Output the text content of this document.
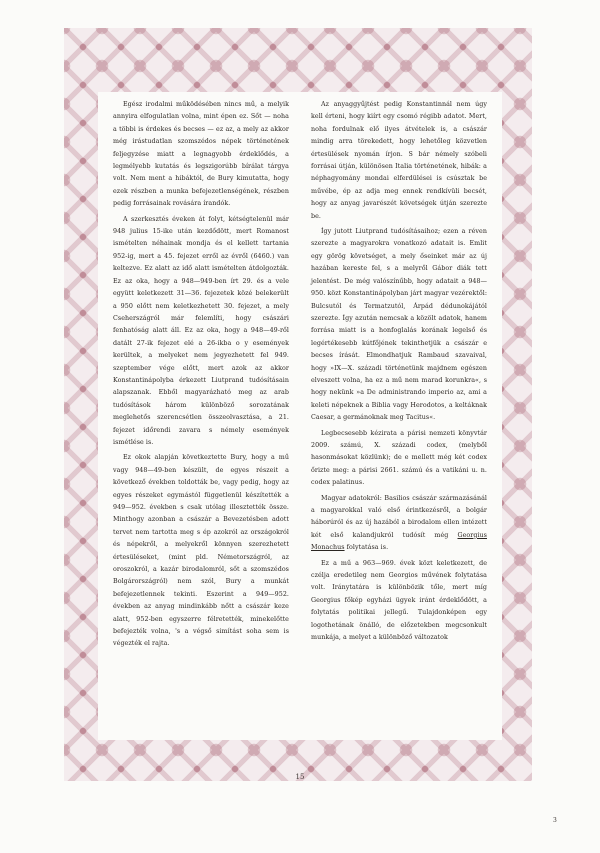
Egész irodalmi működésében nincs mű, a melyik annyira elfogulatlan volna, mint épen ez. Sőt — noha a többi is érdekes és becses — ez az, a mely az akkor még irástudatlan szomszédos népek történetének feljegyzése miatt a legnagyobb érdeklődés, a legmélyebb kutatás és legszigorúbb bírálat tárgya volt. Nem ment a hibáktól, de Bury kimutatta, hogy ezek részben a munka befejezetlenségének, részben pedig forrásainak rovására írandók.

A szerkesztés éveken át folyt, kétségtelenül már 948 julius 15-ike után kezdődött, mert Romanost ismételten néhainak mondja és el kellett tartania 952-ig, mert a 45. fejezet erről az évről (6460.) van keltezve. Ez alatt az idő alatt ismételten átdolgozták. Ez az oka, hogy a 948—949-ben írt 29. és a vele együtt keletkezett 31—36. fejezetek közé belekerült a 950 előtt nem keletkezhetett 30. fejezet, a mely Cseherszágról már felemlíti, hogy császári fenhatóság alatt áll. Ez az oka, hogy a 948—49-ről datált 27-ik fejezet elé a 26-ikba o y események kerültek, a melyeket nem jegyezhetett fel 949. szeptember vége előtt, mert azok az akkor Konstantinápolyba érkezett Liutprand tudósításain alapszanak. Ebből magyarázható meg az arab tudósítások három különböző sorozatának meglehetős szerencsétlen összeolvasztása, a 21. fejezet időrendi zavara s némely események ismétlése is.

Ez okok alapján következtette Bury, hogy a mű vagy 948—49-ben készült, de egyes részeit a következő években toldották be, vagy pedig, hogy az egyes részeket egymástól függetlenül készítették a 949—952. években s csak utólag illesztették össze. Minthogy azonban a császár a Bevezetésben adott tervet nem tartotta meg s ép azokról az országokról és népekről, a melyekről könnyen szerezhetett értesüléseket, (mint pld. Németországról, az oroszokról, a kazár birodalomról, sőt a szomszédos Bolgárországról) nem szól, Bury a munkát befejezetlennek tekinti. Eszerint a 949—952. években az anyag mindinkább nőtt a császár keze alatt, 952-ben egyszerre félretették, minekelőtte befejezték volna, 's a végső simítást soha sem is végezték el rajta.

Az anyaggyűjtést pedig Konstantinnál nem úgy kell érteni, hogy kiírt egy csomó régibb adatot. Mert, noha fordulnak elő ilyes átvételek is, a császár mindig arra törekedett, hogy lehetőleg közvetlen értesülések nyomán írjon. S bár némely szóbeli forrásai útján, különösen Italia történetének, hibák: a néphagyomány mondai elferdülései is csúsztak be művébe, ép az adja meg ennek rendkívüli becsét, hogy az anyag javarészét követségek útján szerezte be.

Így jutott Liutprand tudósításaihoz; ezen a réven szerezte a magyarokra vonatkozó adatait is. Emlit egy görög követséget, a mely őseinket már az új hazában kereste fel, s a melyről Gábor diák tett jelentést. De még valószínűbb, hogy adatait a 948—950. közt Konstantinápolyban járt magyar vezérektől: Bulcsutól és Termatzutól, Árpád dédunokájától szerezte. Így azután nemcsak a közölt adatok, hanem forrása miatt is a honfoglalás korának legelső és legértékesebb kútfőjének tekinthetjük a császár e becses írását. Elmondhatjuk Rambaud szavaival, hogy »IX—X. századi történetünk majdnem egészen elveszett volna, ha ez a mű nem marad korunkra«, s hogy nekünk »a De administrando imperio az, ami a keleti népeknek a Biblia vagy Herodotos, a keltáknak Caesar, a germánoknak meg Tacitus«.

Legbecsesebb kézirata a párisi nemzeti könyvtár 2009. számú, X. századi codex, (melyből hasonmásokat közlünk); de e mellett még két codex őrizte meg: a párisi 2661. számú és a vatikáni u. n. codex palatinus.

Magyar adatokról: Basilios császár származásánál a magyarokkal való első érintkezésről, a bolgár háborúról és az új hazából a birodalom ellen intézett két első kalandjukról tudósít még Georgius Monachus folytatása is.

Ez a mű a 963—969. évek közt keletkezett, de czélja eredetileg nem Georgios művének folytatása volt. Iránytatára is különbözik tőle, mert míg Georgius főkép egyházi ügyek iránt érdeklődött, a folytatás politikai jellegű. Tulajdonképen egy logothetának önálló, de előzetekben megcsonkult munkája, a melyet a különböző változatok

15
3
